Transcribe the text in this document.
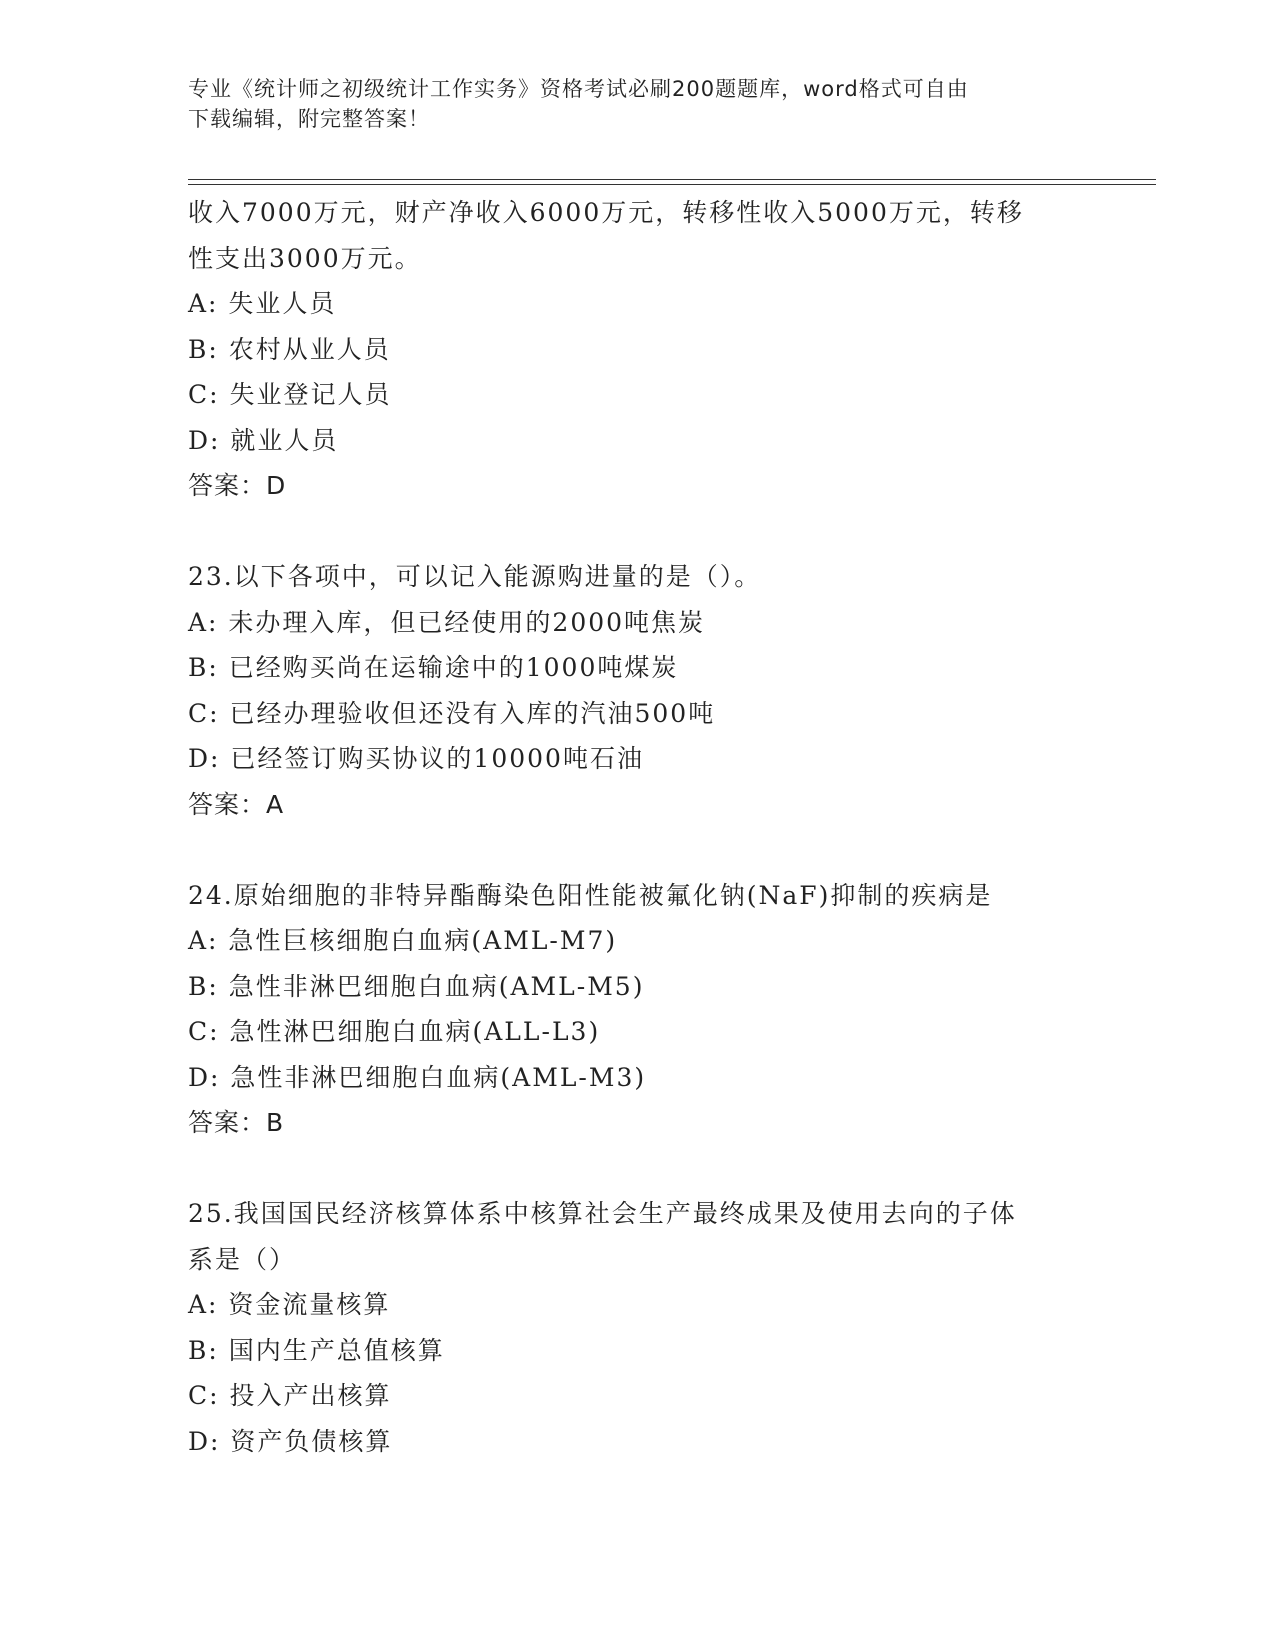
专业《统计师之初级统计工作实务》资格考试必刷200题题库，word格式可自由
下载编辑，附完整答案！
收入7000万元，财产净收入6000万元，转移性收入5000万元，转移
性支出3000万元。
A: 失业人员
B: 农村从业人员
C: 失业登记人员
D: 就业人员
答案：D
23.以下各项中，可以记入能源购进量的是（）。
A: 未办理入库，但已经使用的2000吨焦炭
B: 已经购买尚在运输途中的1000吨煤炭
C: 已经办理验收但还没有入库的汽油500吨
D: 已经签订购买协议的10000吨石油
答案：A
24.原始细胞的非特异酯酶染色阳性能被氟化钠(NaF)抑制的疾病是
A: 急性巨核细胞白血病(AML-M7)
B: 急性非淋巴细胞白血病(AML-M5)
C: 急性淋巴细胞白血病(ALL-L3)
D: 急性非淋巴细胞白血病(AML-M3)
答案：B
25.我国国民经济核算体系中核算社会生产最终成果及使用去向的子体
系是（）
A: 资金流量核算
B: 国内生产总值核算
C: 投入产出核算
D: 资产负债核算
